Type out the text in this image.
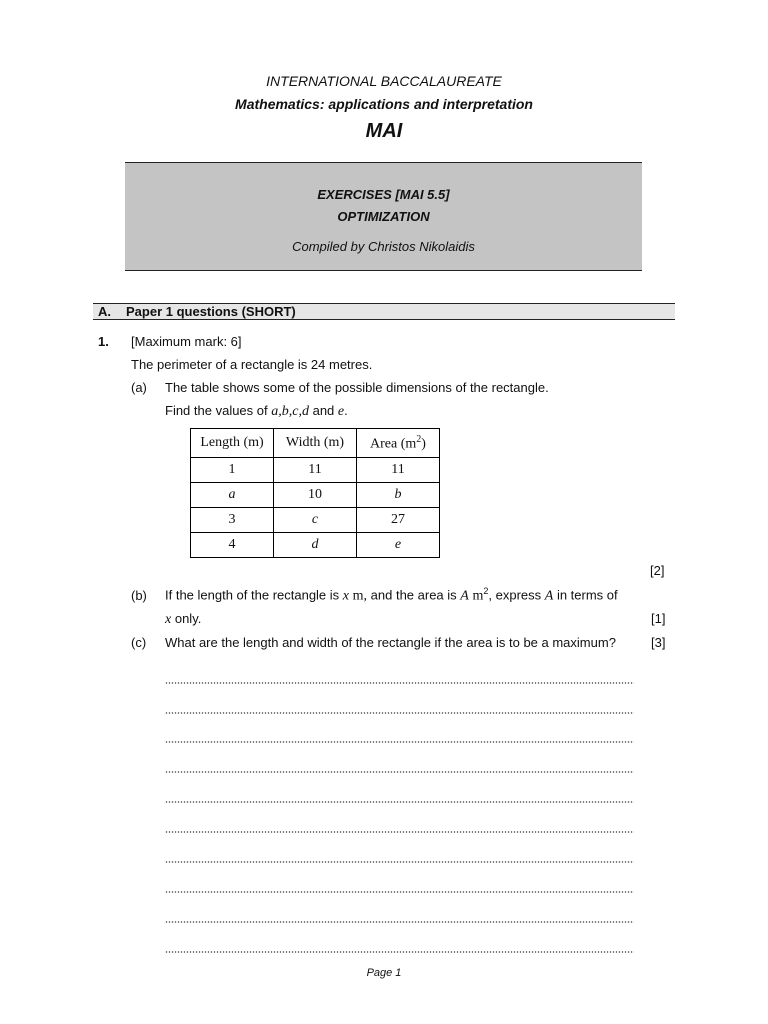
INTERNATIONAL BACCALAUREATE
Mathematics: applications and interpretation
MAI
EXERCISES [MAI 5.5]
OPTIMIZATION
Compiled by Christos Nikolaidis
A. Paper 1 questions (SHORT)
1. [Maximum mark: 6]
The perimeter of a rectangle is 24 metres.
(a) The table shows some of the possible dimensions of the rectangle.
Find the values of a,b,c,d and e.
Length (m)	Width (m)	Area $(m^2)$
1	11	11
a	10	b
3	c	27
4	d	e
[2]
(b) If the length of the rectangle is x m, and the area is A $m^2$, express A in terms of
x only.	[1]
(c) What are the length and width of the rectangle if the area is to be a maximum?	[3]
Page 1
